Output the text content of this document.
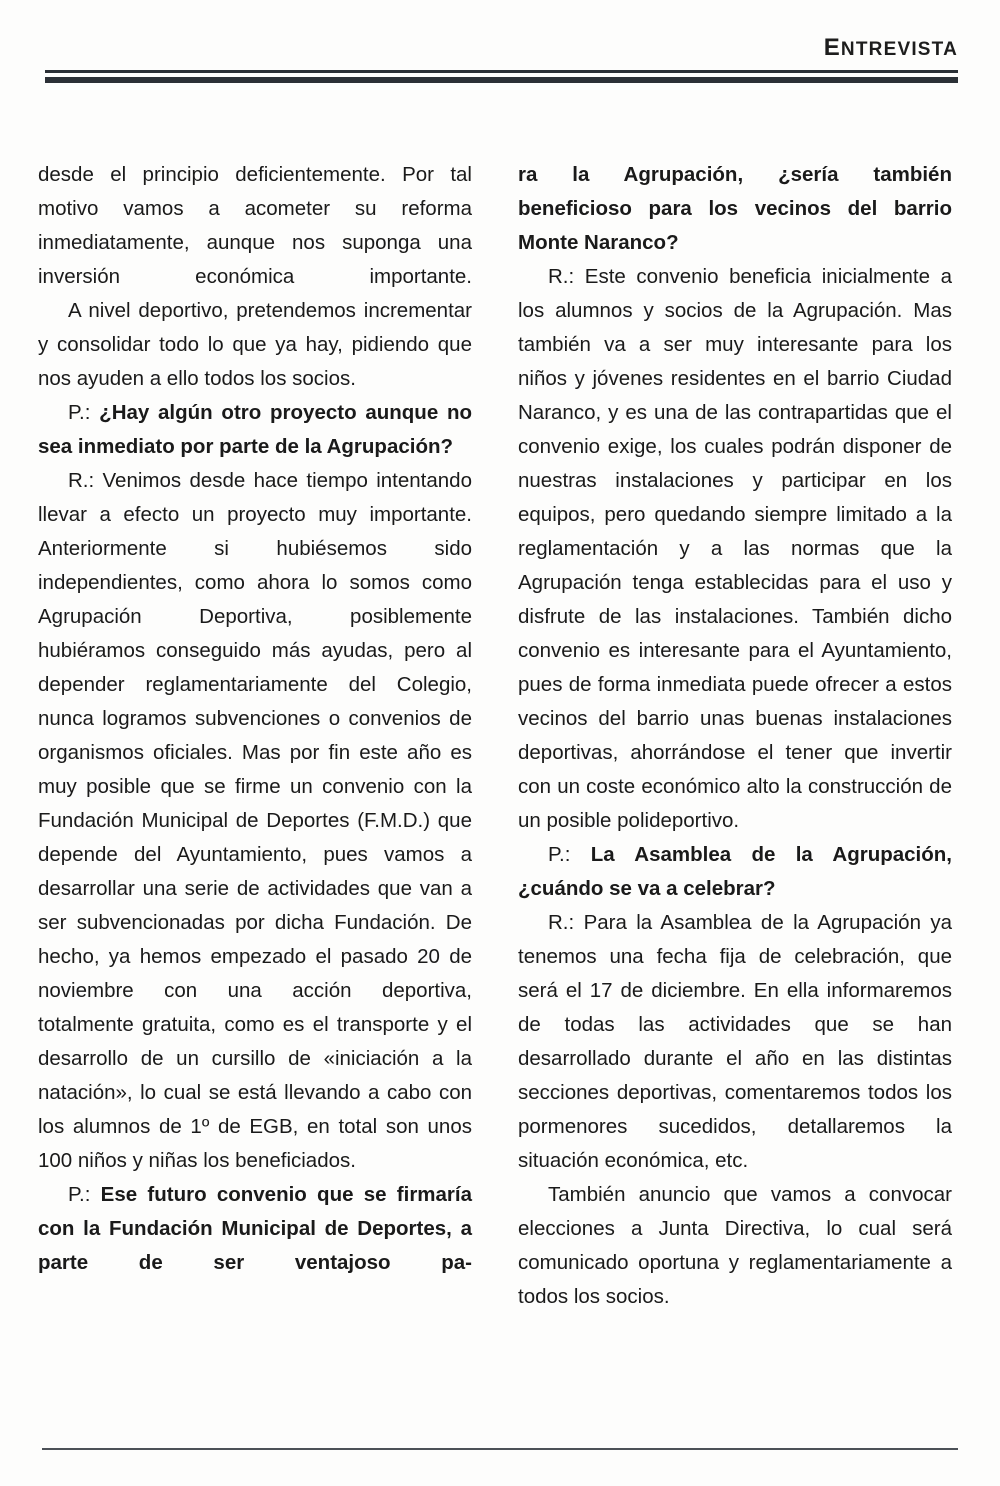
ENTREVISTA

desde el principio deficientemente. Por tal motivo vamos a acometer su reforma inmediatamente, aunque nos suponga una inversión económica importante.

A nivel deportivo, pretendemos incrementar y consolidar todo lo que ya hay, pidiendo que nos ayuden a ello todos los socios.

P.: ¿Hay algún otro proyecto aunque no sea inmediato por parte de la Agrupación?

R.: Venimos desde hace tiempo intentando llevar a efecto un proyecto muy importante. Anteriormente si hubiésemos sido independientes, como ahora lo somos como Agrupación Deportiva, posiblemente hubiéramos conseguido más ayudas, pero al depender reglamentariamente del Colegio, nunca logramos subvenciones o convenios de organismos oficiales. Mas por fin este año es muy posible que se firme un convenio con la Fundación Municipal de Deportes (F.M.D.) que depende del Ayuntamiento, pues vamos a desarrollar una serie de actividades que van a ser subvencionadas por dicha Fundación. De hecho, ya hemos empezado el pasado 20 de noviembre con una acción deportiva, totalmente gratuita, como es el transporte y el desarrollo de un cursillo de «iniciación a la natación», lo cual se está llevando a cabo con los alumnos de 1º de EGB, en total son unos 100 niños y niñas los beneficiados.

P.: Ese futuro convenio que se firmaría con la Fundación Municipal de Deportes, a parte de ser ventajoso pa-

ra la Agrupación, ¿sería también beneficioso para los vecinos del barrio Monte Naranco?

R.: Este convenio beneficia inicialmente a los alumnos y socios de la Agrupación. Mas también va a ser muy interesante para los niños y jóvenes residentes en el barrio Ciudad Naranco, y es una de las contrapartidas que el convenio exige, los cuales podrán disponer de nuestras instalaciones y participar en los equipos, pero quedando siempre limitado a la reglamentación y a las normas que la Agrupación tenga establecidas para el uso y disfrute de las instalaciones. También dicho convenio es interesante para el Ayuntamiento, pues de forma inmediata puede ofrecer a estos vecinos del barrio unas buenas instalaciones deportivas, ahorrándose el tener que invertir con un coste económico alto la construcción de un posible polideportivo.

P.: La Asamblea de la Agrupación, ¿cuándo se va a celebrar?

R.: Para la Asamblea de la Agrupación ya tenemos una fecha fija de celebración, que será el 17 de diciembre. En ella informaremos de todas las actividades que se han desarrollado durante el año en las distintas secciones deportivas, comentaremos todos los pormenores sucedidos, detallaremos la situación económica, etc.

También anuncio que vamos a convocar elecciones a Junta Directiva, lo cual será comunicado oportuna y reglamentariamente a todos los socios.
